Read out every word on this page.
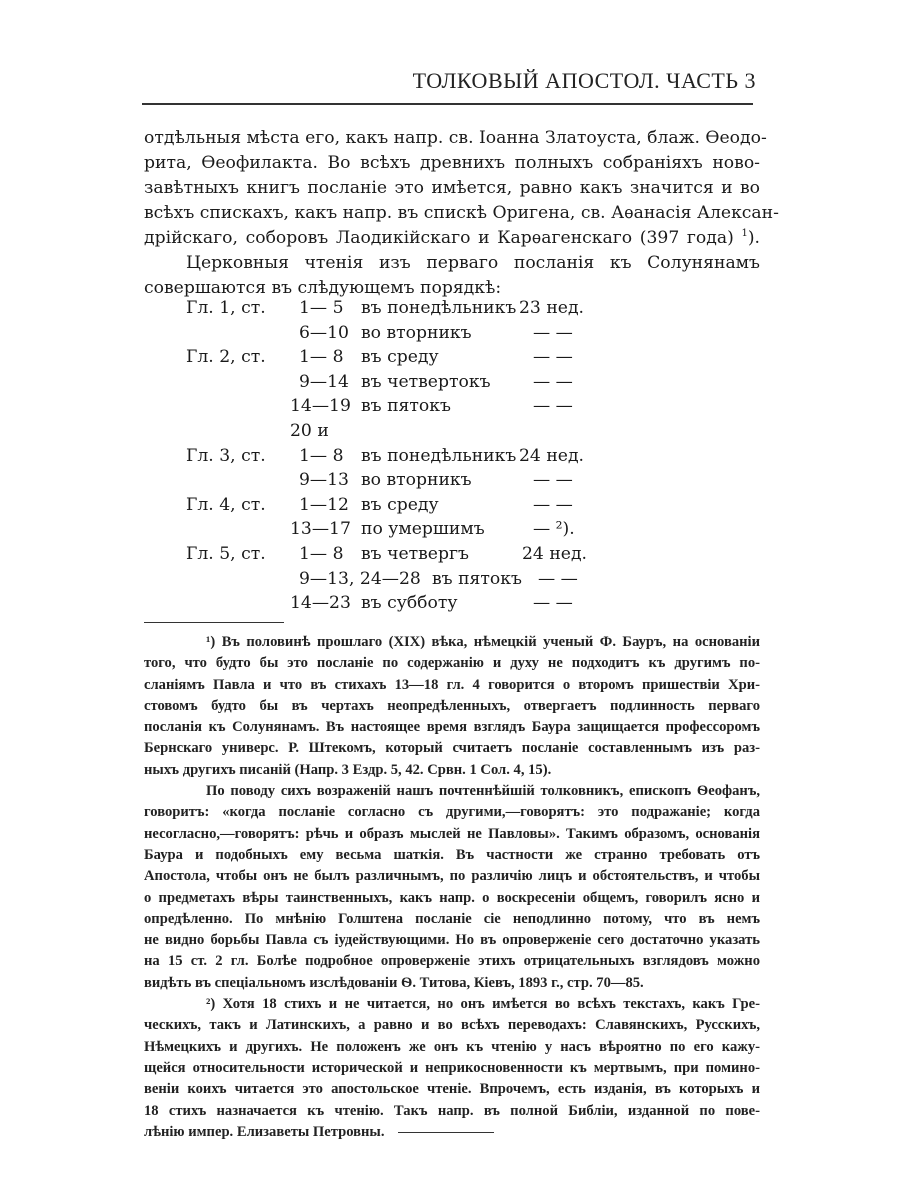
ТОЛКОВЫЙ АПОСТОЛ. ЧАСТЬ 3

отдѣльныя мѣста его, какъ напр. св. Іоанна Златоуста, блаж. Ѳеодо-
рита, Ѳеофилакта. Во всѣхъ древнихъ полныхъ собраніяхъ ново-
завѣтныхъ книгъ посланіе это имѣется, равно какъ значится и во
всѣхъ спискахъ, какъ напр. въ спискѣ Оригена, св. Аѳанасія Алексан-
дрійскаго, соборовъ Лаодикійскаго и Карѳагенскаго (397 года) $^1$).

Церковныя чтенія изъ перваго посланія къ Солунянамъ
совершаются въ слѣдующемъ порядкѣ:

Гл. 1, ст. 1— 5 въ понедѣльникъ 23 нед.
6—10 во вторникъ	— —
Гл. 2, ст. 1— 8 въ среду	— —
9—14 въ четвертокъ — —
14—19 въ пятокъ	— —
20 и
Гл. 3, ст. 1— 8 въ понедѣльникъ 24 нед.
9—13 во вторникъ	— —
Гл. 4, ст. 1—12 въ среду	— —
13—17 по умершимъ	— ²).
Гл. 5, ст. 1— 8 въ четвергъ	24 нед.
9—13, 24—28 въ пятокъ — —
14—23 въ субботу	— —
¹) Въ половинѣ прошлаго (XIX) вѣка, нѣмецкій ученый Ф. Бауръ, на основаніи
того, что будто бы это посланіе по содержанію и духу не подходитъ къ другимъ по-
сланіямъ Павла и что въ стихахъ 13—18 гл. 4 говорится о второмъ пришествіи Хри-
стовомъ будто бы въ чертахъ неопредѣленныхъ, отвергаетъ подлинность перваго
посланія къ Солунянамъ. Въ настоящее время взглядъ Баура защищается профессоромъ
Бернскаго универс. Р. Штекомъ, который считаетъ посланіе составленнымъ изъ раз-
ныхъ другихъ писаній (Напр. 3 Ездр. 5, 42. Срвн. 1 Сол. 4, 15).
По поводу сихъ возраженій нашъ почтеннѣйшій толковникъ, епископъ Ѳеофанъ,
говоритъ: «когда посланіе согласно съ другими,—говорятъ: это подражаніе; когда
несогласно,—говорятъ: рѣчь и образъ мыслей не Павловы». Такимъ образомъ, основанія
Баура и подобныхъ ему весьма шаткія. Въ частности же странно требовать отъ
Апостола, чтобы онъ не былъ различнымъ, по различію лицъ и обстоятельствъ, и чтобы
о предметахъ вѣры таинственныхъ, какъ напр. о воскресеніи общемъ, говорилъ ясно и
опредѣленно. По мнѣнію Голштена посланіе сіе неподлинно потому, что въ немъ
не видно борьбы Павла съ іудействующими. Но въ опроверженіе сего достаточно указать
на 15 ст. 2 гл. Болѣе подробное опроверженіе этихъ отрицательныхъ взглядовъ можно
видѣть въ спеціальномъ изслѣдованіи Ѳ. Титова, Кіевъ, 1893 г., стр. 70—85.
²) Хотя 18 стихъ и не читается, но онъ имѣется во всѣхъ текстахъ, какъ Гре-
ческихъ, такъ и Латинскихъ, а равно и во всѣхъ переводахъ: Славянскихъ, Русскихъ,
Нѣмецкихъ и другихъ. Не положенъ же онъ къ чтенію у насъ вѣроятно по его кажу-
щейся относительности исторической и неприкосновенности къ мертвымъ, при помино-
веніи коихъ читается это апостольское чтеніе. Впрочемъ, есть изданія, въ которыхъ и
18 стихъ назначается къ чтенію. Такъ напр. въ полной Библіи, изданной по пове-
лѣнію импер. Елизаветы Петровны.
